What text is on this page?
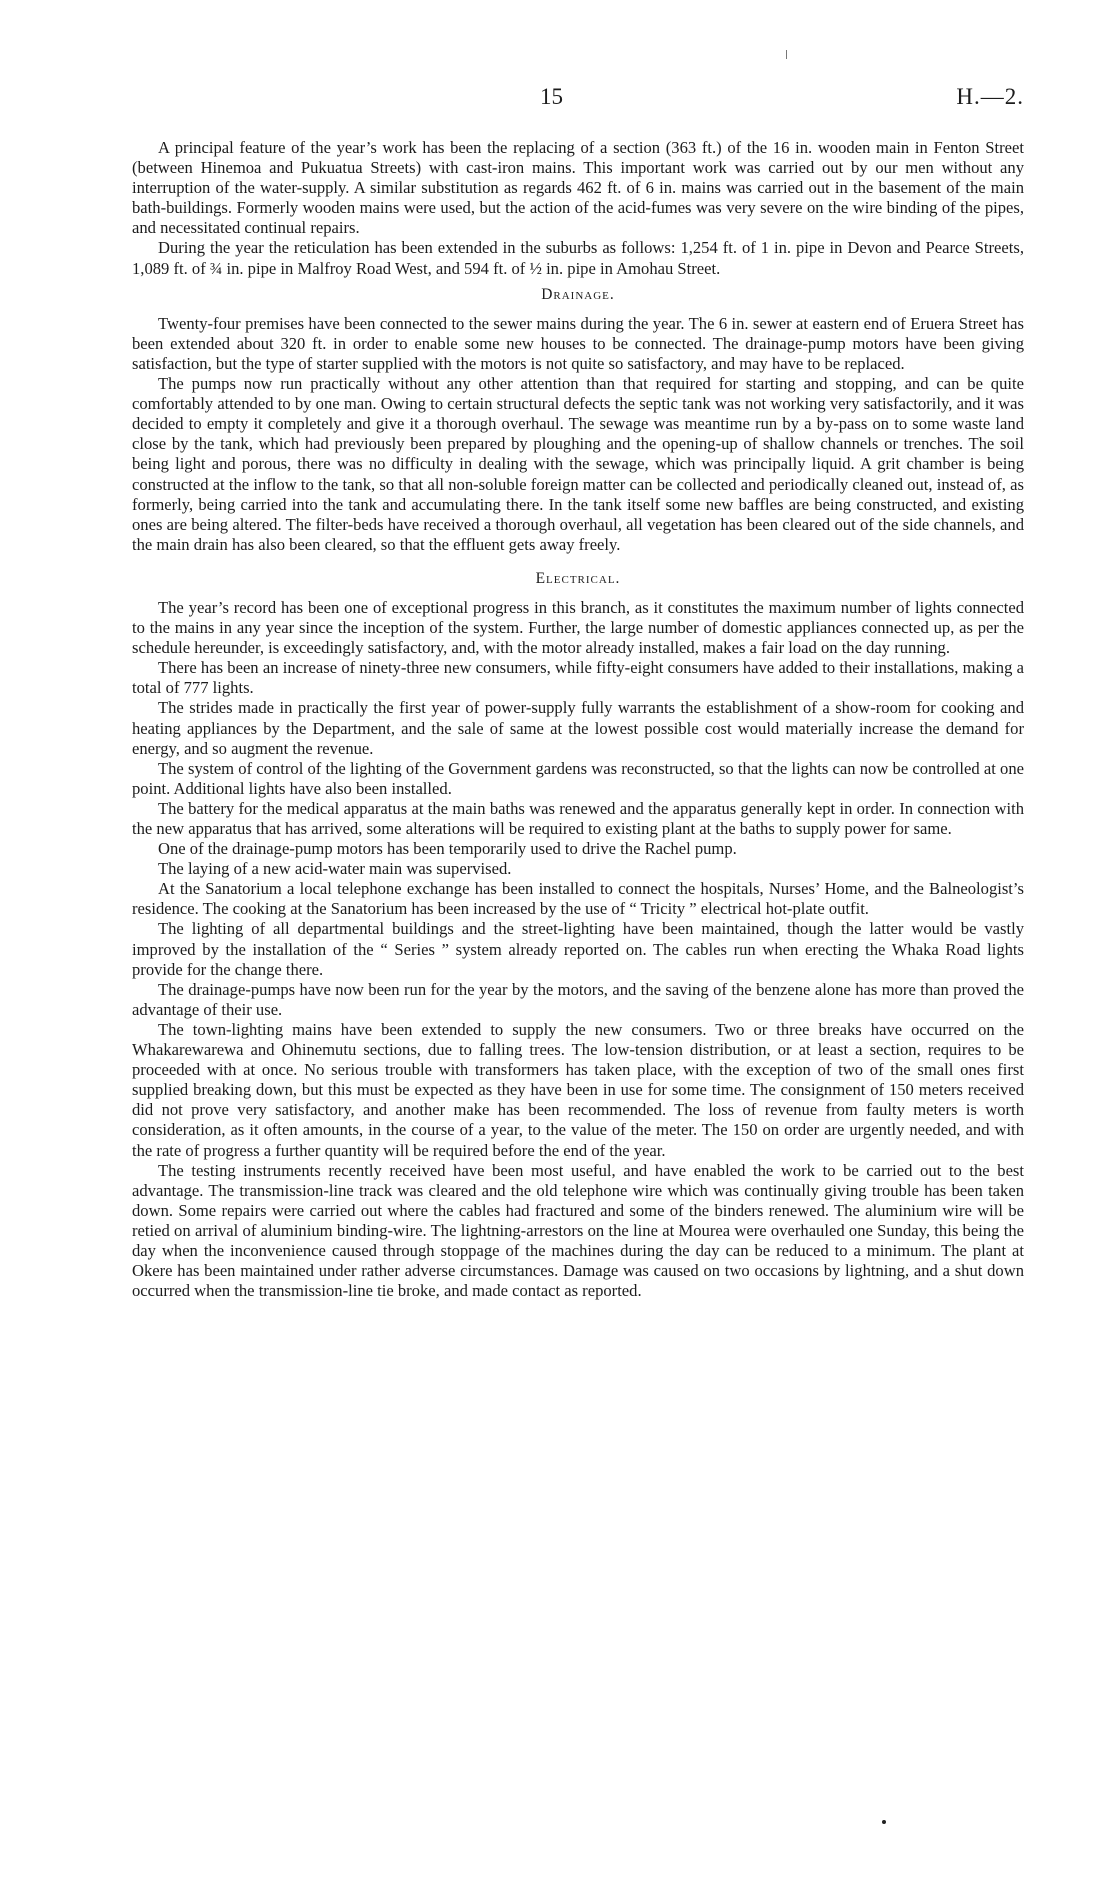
15	H.—2.

A principal feature of the year’s work has been the replacing of a section (363 ft.) of the 16 in. wooden main in Fenton Street (between Hinemoa and Pukuatua Streets) with cast-iron mains. This important work was carried out by our men without any interruption of the water-supply. A similar substitution as regards 462 ft. of 6 in. mains was carried out in the basement of the main bath-buildings. Formerly wooden mains were used, but the action of the acid-fumes was very severe on the wire binding of the pipes, and necessitated continual repairs.

During the year the reticulation has been extended in the suburbs as follows: 1,254 ft. of 1 in. pipe in Devon and Pearce Streets, 1,089 ft. of ¾ in. pipe in Malfroy Road West, and 594 ft. of ½ in. pipe in Amohau Street.

Drainage.

Twenty-four premises have been connected to the sewer mains during the year. The 6 in. sewer at eastern end of Eruera Street has been extended about 320 ft. in order to enable some new houses to be connected. The drainage-pump motors have been giving satisfaction, but the type of starter supplied with the motors is not quite so satisfactory, and may have to be replaced.

The pumps now run practically without any other attention than that required for starting and stopping, and can be quite comfortably attended to by one man. Owing to certain structural defects the septic tank was not working very satisfactorily, and it was decided to empty it completely and give it a thorough overhaul. The sewage was meantime run by a by-pass on to some waste land close by the tank, which had previously been prepared by ploughing and the opening-up of shallow channels or trenches. The soil being light and porous, there was no difficulty in dealing with the sewage, which was principally liquid. A grit chamber is being constructed at the inflow to the tank, so that all non-soluble foreign matter can be collected and periodically cleaned out, instead of, as formerly, being carried into the tank and accumulating there. In the tank itself some new baffles are being constructed, and existing ones are being altered. The filter-beds have received a thorough overhaul, all vegetation has been cleared out of the side channels, and the main drain has also been cleared, so that the effluent gets away freely.

Electrical.

The year’s record has been one of exceptional progress in this branch, as it constitutes the maximum number of lights connected to the mains in any year since the inception of the system. Further, the large number of domestic appliances connected up, as per the schedule hereunder, is exceedingly satisfactory, and, with the motor already installed, makes a fair load on the day running.

There has been an increase of ninety-three new consumers, while fifty-eight consumers have added to their installations, making a total of 777 lights.

The strides made in practically the first year of power-supply fully warrants the establishment of a show-room for cooking and heating appliances by the Department, and the sale of same at the lowest possible cost would materially increase the demand for energy, and so augment the revenue.

The system of control of the lighting of the Government gardens was reconstructed, so that the lights can now be controlled at one point. Additional lights have also been installed.

The battery for the medical apparatus at the main baths was renewed and the apparatus generally kept in order. In connection with the new apparatus that has arrived, some alterations will be required to existing plant at the baths to supply power for same.

One of the drainage-pump motors has been temporarily used to drive the Rachel pump.

The laying of a new acid-water main was supervised.

At the Sanatorium a local telephone exchange has been installed to connect the hospitals, Nurses’ Home, and the Balneologist’s residence. The cooking at the Sanatorium has been increased by the use of “ Tricity ” electrical hot-plate outfit.

The lighting of all departmental buildings and the street-lighting have been maintained, though the latter would be vastly improved by the installation of the “ Series ” system already reported on. The cables run when erecting the Whaka Road lights provide for the change there.

The drainage-pumps have now been run for the year by the motors, and the saving of the benzene alone has more than proved the advantage of their use.

The town-lighting mains have been extended to supply the new consumers. Two or three breaks have occurred on the Whakarewarewa and Ohinemutu sections, due to falling trees. The low-tension distribution, or at least a section, requires to be proceeded with at once. No serious trouble with transformers has taken place, with the exception of two of the small ones first supplied breaking down, but this must be expected as they have been in use for some time. The consignment of 150 meters received did not prove very satisfactory, and another make has been recommended. The loss of revenue from faulty meters is worth consideration, as it often amounts, in the course of a year, to the value of the meter. The 150 on order are urgently needed, and with the rate of progress a further quantity will be required before the end of the year.

The testing instruments recently received have been most useful, and have enabled the work to be carried out to the best advantage. The transmission-line track was cleared and the old telephone wire which was continually giving trouble has been taken down. Some repairs were carried out where the cables had fractured and some of the binders renewed. The aluminium wire will be retied on arrival of aluminium binding-wire. The lightning-arrestors on the line at Mourea were overhauled one Sunday, this being the day when the inconvenience caused through stoppage of the machines during the day can be reduced to a minimum. The plant at Okere has been maintained under rather adverse circumstances. Damage was caused on two occasions by lightning, and a shut down occurred when the transmission-line tie broke, and made contact as reported.
